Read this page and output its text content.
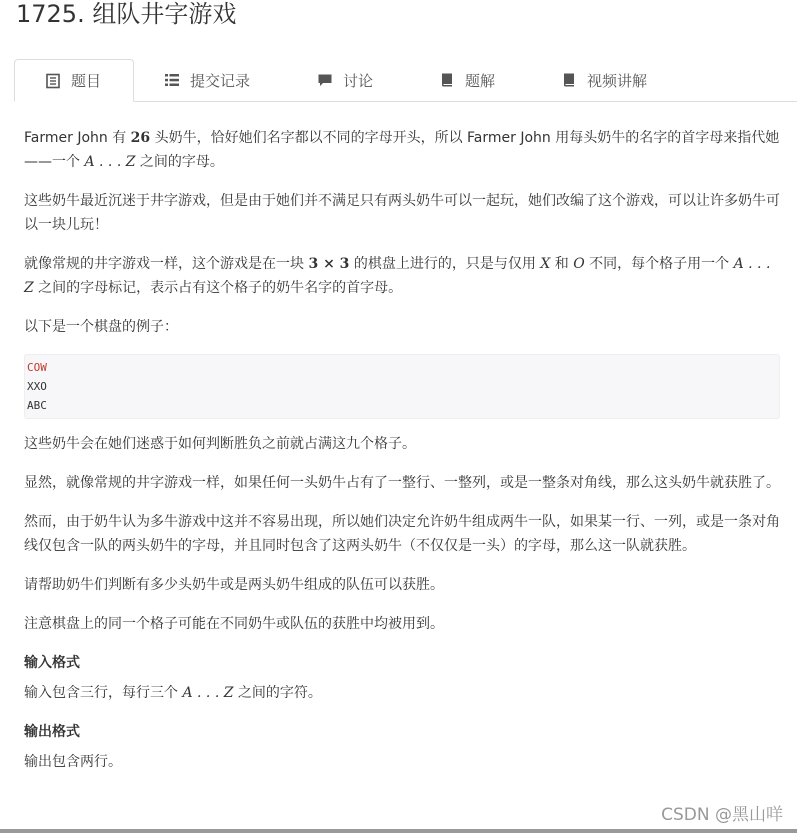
1725. 组队井字游戏
题目	提交记录	讨论	题解	视频讲解

Farmer John 有 26 头奶牛，恰好她们名字都以不同的字母开头，所以 Farmer John 用每头奶牛的名字的首字母来指代她——一个 A . . . Z 之间的字母。

这些奶牛最近沉迷于井字游戏，但是由于她们并不满足只有两头奶牛可以一起玩，她们改编了这个游戏，可以让许多奶牛可以一块儿玩！

就像常规的井字游戏一样，这个游戏是在一块 3 × 3 的棋盘上进行的，只是与仅用 X 和 O 不同，每个格子用一个 A . . . Z 之间的字母标记，表示占有这个格子的奶牛名字的首字母。

以下是一个棋盘的例子：

COW
XXO
ABC

这些奶牛会在她们迷惑于如何判断胜负之前就占满这九个格子。

显然，就像常规的井字游戏一样，如果任何一头奶牛占有了一整行、一整列，或是一整条对角线，那么这头奶牛就获胜了。

然而，由于奶牛认为多牛游戏中这并不容易出现，所以她们决定允许奶牛组成两牛一队，如果某一行、一列，或是一条对角线仅包含一队的两头奶牛的字母，并且同时包含了这两头奶牛（不仅仅是一头）的字母，那么这一队就获胜。

请帮助奶牛们判断有多少头奶牛或是两头奶牛组成的队伍可以获胜。

注意棋盘上的同一个格子可能在不同奶牛或队伍的获胜中均被用到。

输入格式

输入包含三行，每行三个 A . . . Z 之间的字符。

输出格式

输出包含两行。

CSDN @黑山咩
